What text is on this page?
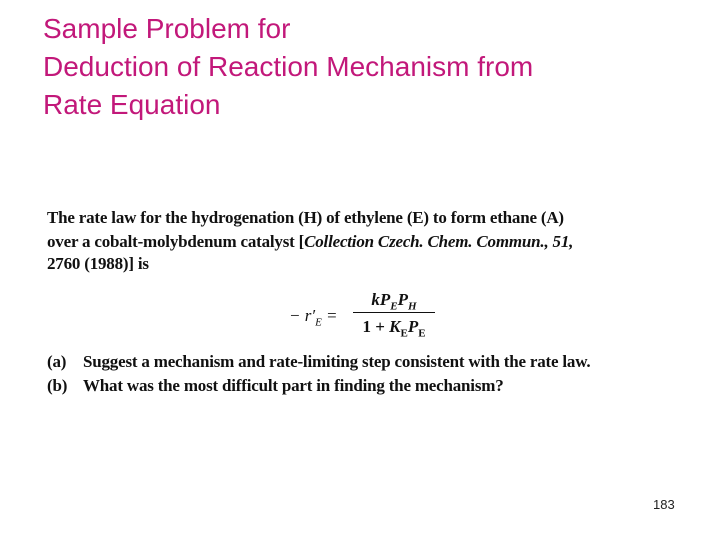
Sample Problem for
Deduction of Reaction Mechanism from
Rate Equation
The rate law for the hydrogenation (H) of ethylene (E) to form ethane (A)
over a cobalt-molybdenum catalyst [Collection Czech. Chem. Commun., 51,
2760 (1988)] is
− $r'_E$ =
$kP_EP_H$
$1 + K_EP_E$
(a) Suggest a mechanism and rate-limiting step consistent with the rate law.
(b) What was the most difficult part in finding the mechanism?
183
